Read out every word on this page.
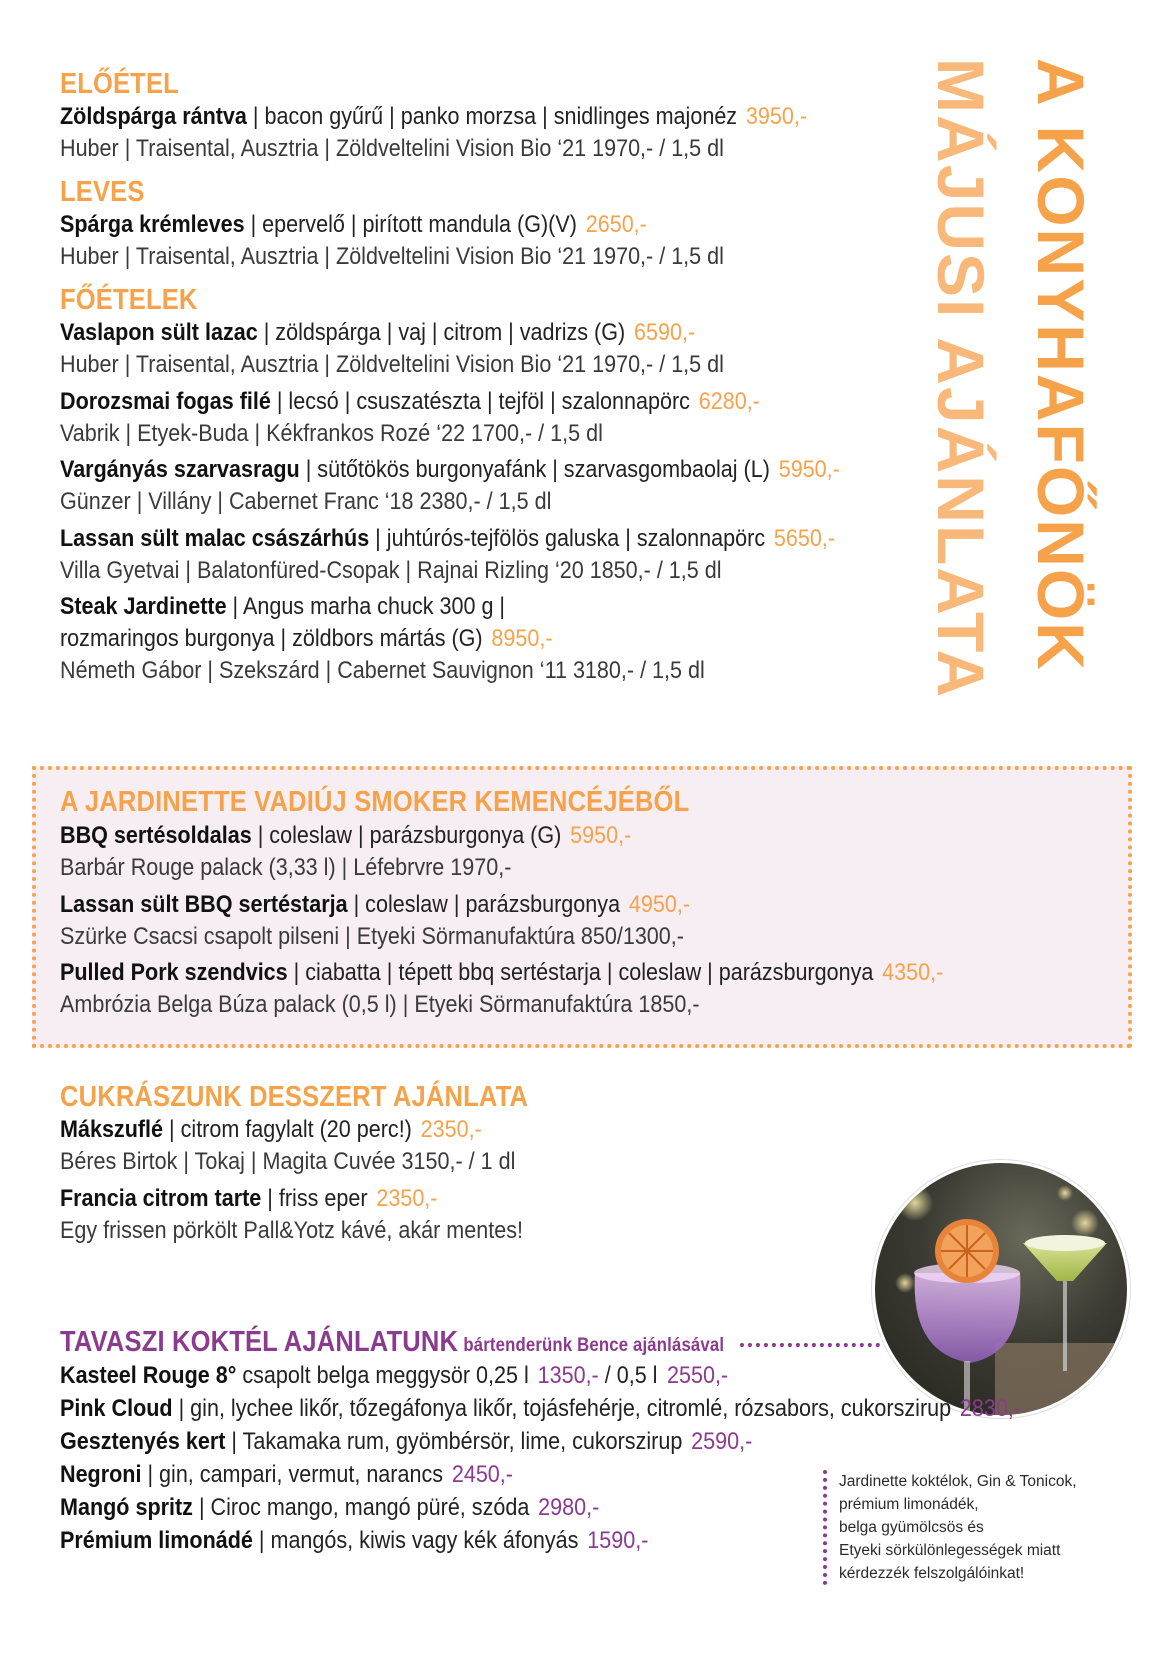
A KONYHAFŐNÖK
MÁJUSI AJÁNLATA
ELŐÉTEL
Zöldspárga rántva | bacon gyűrű | panko morzsa | snidlinges majonéz 3950,-
Huber | Traisental, Ausztria | Zöldveltelini Vision Bio ‘21 1970,- / 1,5 dl
LEVES
Spárga krémleves | epervelő | pirított mandula (G)(V) 2650,-
Huber | Traisental, Ausztria | Zöldveltelini Vision Bio ‘21 1970,- / 1,5 dl
FŐÉTELEK
Vaslapon sült lazac | zöldspárga | vaj | citrom | vadrizs (G) 6590,-
Huber | Traisental, Ausztria | Zöldveltelini Vision Bio ‘21 1970,- / 1,5 dl
Dorozsmai fogas filé | lecsó | csuszatészta | tejföl | szalonnapörc 6280,-
Vabrik | Etyek-Buda | Kékfrankos Rozé ‘22 1700,- / 1,5 dl
Vargányás szarvasragu | sütőtökös burgonyafánk | szarvasgombaolaj (L) 5950,-
Günzer | Villány | Cabernet Franc ‘18 2380,- / 1,5 dl
Lassan sült malac császárhús | juhtúrós-tejfölös galuska | szalonnapörc 5650,-
Villa Gyetvai | Balatonfüred-Csopak | Rajnai Rizling ‘20 1850,- / 1,5 dl
Steak Jardinette | Angus marha chuck 300 g |
rozmaringos burgonya | zöldbors mártás (G) 8950,-
Németh Gábor | Szekszárd | Cabernet Sauvignon ‘11 3180,- / 1,5 dl
A JARDINETTE VADIÚJ SMOKER KEMENCÉJÉBŐL
BBQ sertésoldalas | coleslaw | parázsburgonya (G) 5950,-
Barbár Rouge palack (3,33 l) | Léfebrvre 1970,-
Lassan sült BBQ sertéstarja | coleslaw | parázsburgonya 4950,-
Szürke Csacsi csapolt pilseni | Etyeki Sörmanufaktúra 850/1300,-
Pulled Pork szendvics | ciabatta | tépett bbq sertéstarja | coleslaw | parázsburgonya 4350,-
Ambrózia Belga Búza palack (0,5 l) | Etyeki Sörmanufaktúra 1850,-
CUKRÁSZUNK DESSZERT AJÁNLATA
Mákszuflé | citrom fagylalt (20 perc!) 2350,-
Béres Birtok | Tokaj | Magita Cuvée 3150,- / 1 dl
Francia citrom tarte | friss eper 2350,-
Egy frissen pörkölt Pall&Yotz kávé, akár mentes!
TAVASZI KOKTÉL AJÁNLATUNK bártenderünk Bence ajánlásával
Kasteel Rouge 8° csapolt belga meggysör 0,25 l 1350,- / 0,5 l 2550,-
Pink Cloud | gin, lychee likőr, tőzegáfonya likőr, tojásfehérje, citromlé, rózsabors, cukorszirup 2830,-
Gesztenyés kert | Takamaka rum, gyömbérsör, lime, cukorszirup 2590,-
Negroni | gin, campari, vermut, narancs 2450,-
Mangó spritz | Ciroc mango, mangó püré, szóda 2980,-
Prémium limonádé | mangós, kiwis vagy kék áfonyás 1590,-
Jardinette koktélok, Gin & Tonicok,
prémium limonádék,
belga gyümölcsös és
Etyeki sörkülönlegességek miatt
kérdezzék felszolgálóinkat!
